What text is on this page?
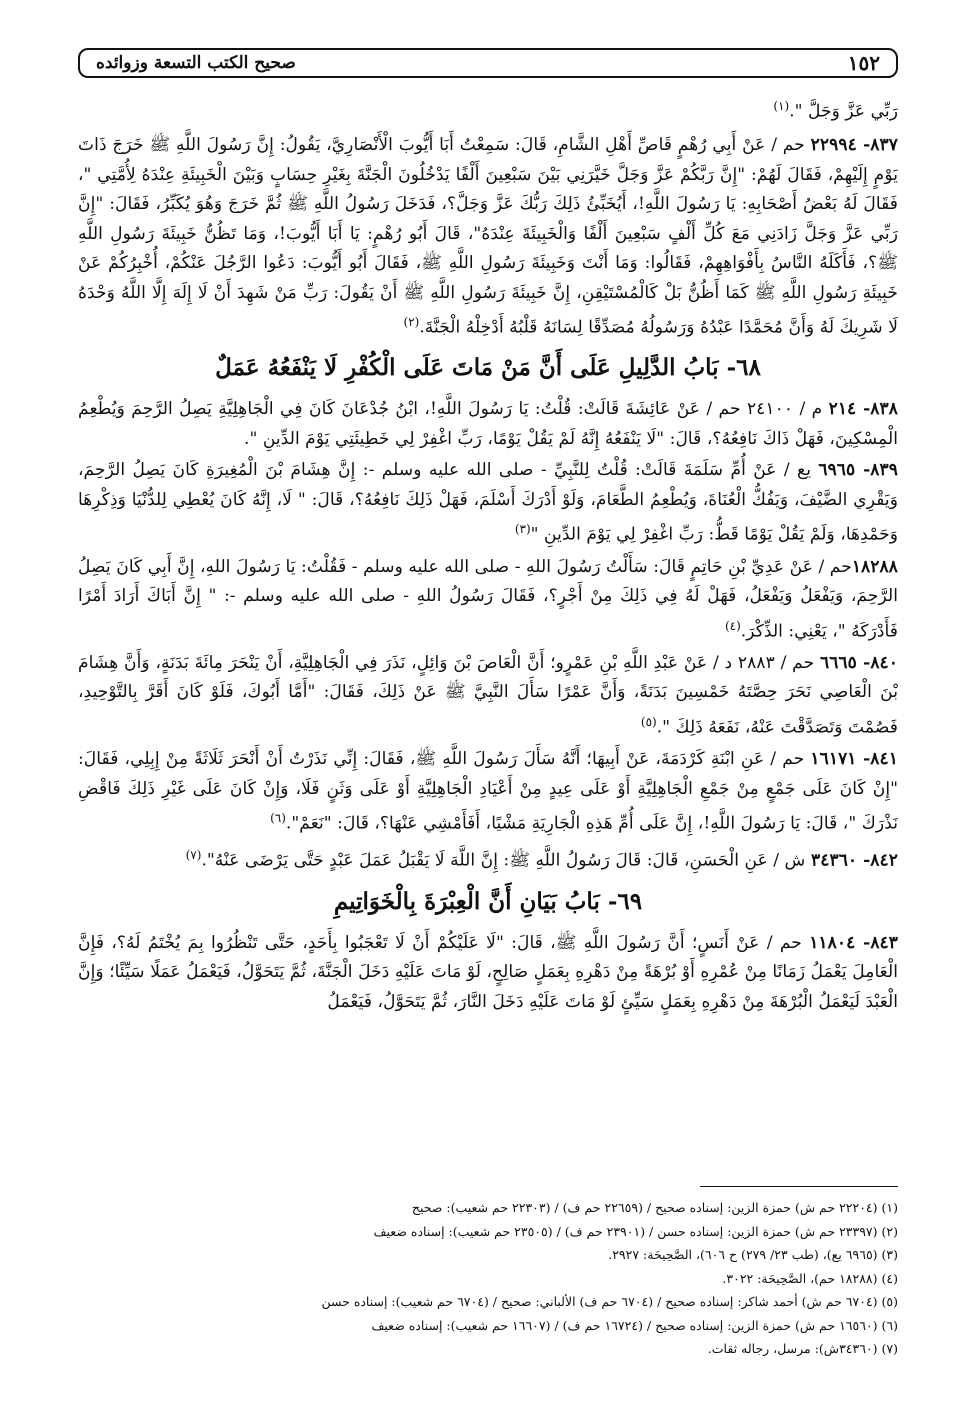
١٥٢
صحيح الكتب التسعة وزوائده

رَبِّي عَزَّ وَجَلَّ ".$^{(١)}$

٨٣٧- ٢٢٩٩٤ حم / عَنْ أَبِي رُهْمٍ قَاصِّ أَهْلِ الشَّامِ، قَالَ: سَمِعْتُ أَبَا أَيُّوبَ الْأَنْصَارِيَّ، يَقُولُ: إِنَّ رَسُولَ اللَّهِ ﷺ خَرَجَ ذَاتَ يَوْمٍ إِلَيْهِمْ، فَقَالَ لَهُمْ: "إِنَّ رَبَّكُمْ عَزَّ وَجَلَّ خَيَّرَنِي بَيْنَ سَبْعِينَ أَلْفًا يَدْخُلُونَ الْجَنَّةَ بِغَيْرِ حِسَابٍ وَبَيْنَ الْخَبِيئَةِ عِنْدَهُ لِأُمَّتِي "، فَقَالَ لَهُ بَعْضُ أَصْحَابِهِ: يَا رَسُولَ اللَّهِ!، أَيُخَبِّئُ ذَلِكَ رَبُّكَ عَزَّ وَجَلَّ؟، فَدَخَلَ رَسُولُ اللَّهِ ﷺ ثُمَّ خَرَجَ وَهُوَ يُكَبِّرُ، فَقَالَ: "إِنَّ رَبِّي عَزَّ وَجَلَّ زَادَنِي مَعَ كُلِّ أَلْفٍ سَبْعِينَ أَلْفًا وَالْخَبِيئَةَ عِنْدَهُ"، قَالَ أَبُو رُهْمٍ: يَا أَبَا أَيُّوبَ!، وَمَا تَظُنُّ خَبِيئَةَ رَسُولِ اللَّهِ ﷺ؟، فَأَكَلَهُ النَّاسُ بِأَفْوَاهِهِمْ، فَقَالُوا: وَمَا أَنْتَ وَخَبِيئَةَ رَسُولِ اللَّهِ ﷺ، فَقَالَ أَبُو أَيُّوبَ: دَعُوا الرَّجُلَ عَنْكُمْ، أُخْبِرُكُمْ عَنْ خَبِيئَةِ رَسُولِ اللَّهِ ﷺ كَمَا أَظُنُّ بَلْ كَالْمُسْتَيْقِنِ، إِنَّ خَبِيئَةَ رَسُولِ اللَّهِ ﷺ أَنْ يَقُولَ: رَبِّ مَنْ شَهِدَ أَنْ لَا إِلَهَ إِلَّا اللَّهُ وَحْدَهُ لَا شَرِيكَ لَهُ وَأَنَّ مُحَمَّدًا عَبْدُهُ وَرَسُولُهُ مُصَدِّقًا لِسَانَهُ قَلْبُهُ أَدْخِلْهُ الْجَنَّةَ.$^{(٢)}$

٦٨- بَابُ الدَّلِيلِ عَلَى أَنَّ مَنْ مَاتَ عَلَى الْكُفْرِ لَا يَنْفَعُهُ عَمَلٌ

٨٣٨- ٢١٤ م / ٢٤١٠٠ حم / عَنْ عَائِشَةَ قَالَتْ: قُلْتُ: يَا رَسُولَ اللَّهِ!، ابْنُ جُدْعَانَ كَانَ فِي الْجَاهِلِيَّةِ يَصِلُ الرَّحِمَ وَيُطْعِمُ الْمِسْكِينَ، فَهَلْ ذَاكَ نَافِعُهُ؟، قَالَ: "لَا يَنْفَعُهُ إِنَّهُ لَمْ يَقُلْ يَوْمًا، رَبِّ اغْفِرْ لِي خَطِيئَتِي يَوْمَ الدِّينِ ".

٨٣٩- ٦٩٦٥ يع / عَنْ أُمِّ سَلَمَةَ قَالَتْ: قُلْتُ لِلنَّبِيِّ - صلى الله عليه وسلم -: إِنَّ هِشَامَ بْنَ الْمُغِيرَةِ كَانَ يَصِلُ الرَّحِمَ، وَيَقْرِي الضَّيْفَ، وَيَفُكُّ الْعُنَاةَ، وَيُطْعِمُ الطَّعَامَ، وَلَوْ أَدْرَكَ أَسْلَمَ، فَهَلْ ذَلِكَ نَافِعُهُ؟، قَالَ: " لَا، إِنَّهُ كَانَ يُعْطِي لِلدُّنْيَا وَذِكْرِهَا وَحَمْدِهَا، وَلَمْ يَقُلْ يَوْمًا قَطُّ: رَبِّ اغْفِرْ لِي يَوْمَ الدِّينِ "$^{(٣)}$

١٨٢٨٨حم / عَنْ عَدِيِّ بْنِ حَاتِمٍ قَالَ: سَأَلْتُ رَسُولَ اللهِ - صلى الله عليه وسلم - فَقُلْتُ: يَا رَسُولَ اللهِ، إِنَّ أَبِي كَانَ يَصِلُ الرَّحِمَ، وَيَفْعَلُ وَيَفْعَلُ، فَهَلْ لَهُ فِي ذَلِكَ مِنْ أَجْرٍ؟، فَقَالَ رَسُولُ اللهِ - صلى الله عليه وسلم -: " إِنَّ أَبَاكَ أَرَادَ أَمْرًا فَأَدْرَكَهُ "، يَعْنِي: الذِّكْرَ.$^{(٤)}$

٨٤٠- ٦٦٦٥ حم / ٢٨٨٣ د / عَنْ عَبْدِ اللَّهِ بْنِ عَمْرٍو؛ أَنَّ الْعَاصَ بْنَ وَائِلٍ، نَذَرَ فِي الْجَاهِلِيَّةِ، أَنْ يَنْحَرَ مِائَةَ بَدَنَةٍ، وَأَنَّ هِشَامَ بْنَ الْعَاصِي نَحَرَ حِصَّتَهُ خَمْسِينَ بَدَنَةً، وَأَنَّ عَمْرًا سَأَلَ النَّبِيَّ ﷺ عَنْ ذَلِكَ، فَقَالَ: "أَمَّا أَبُوكَ، فَلَوْ كَانَ أَقَرَّ بِالتَّوْحِيدِ، فَصُمْتَ وَتَصَدَّقْتَ عَنْهُ، نَفَعَهُ ذَلِكَ ".$^{(٥)}$

٨٤١- ١٦١٧١ حم / عَنِ ابْنَةِ كَرْدَمَةَ، عَنْ أَبِيهَا؛ أَنَّهُ سَأَلَ رَسُولَ اللَّهِ ﷺ، فَقَالَ: إِنِّي نَذَرْتُ أَنْ أَنْحَرَ ثَلَاثَةً مِنْ إِبِلِي، فَقَالَ: "إِنْ كَانَ عَلَى جَمْعٍ مِنْ جَمْعِ الْجَاهِلِيَّةِ أَوْ عَلَى عِيدٍ مِنْ أَعْيَادِ الْجَاهِلِيَّةِ أَوْ عَلَى وَثَنٍ فَلَا، وَإِنْ كَانَ عَلَى غَيْرِ ذَلِكَ فَاقْضِ نَذْرَكَ "، قَالَ: يَا رَسُولَ اللَّهِ!، إِنَّ عَلَى أُمِّ هَذِهِ الْجَارِيَةِ مَشْيًا، أَفَأَمْشِي عَنْهَا؟، قَالَ: "نَعَمْ".$^{(٦)}$

٨٤٢- ٣٤٣٦٠ ش / عَنِ الْحَسَنِ، قَالَ: قَالَ رَسُولُ اللَّهِ ﷺ: إِنَّ اللَّهَ لَا يَقْبَلُ عَمَلَ عَبْدٍ حَتَّى يَرْضَى عَنْهُ".$^{(٧)}$

٦٩- بَابُ بَيَانِ أَنَّ الْعِبْرَةَ بِالْخَوَاتِيمِ

٨٤٣- ١١٨٠٤ حم / عَنْ أَنَسٍ؛ أَنَّ رَسُولَ اللَّهِ ﷺ، قَالَ: "لَا عَلَيْكُمْ أَنْ لَا تَعْجَبُوا بِأَحَدٍ، حَتَّى تَنْظُرُوا بِمَ يُخْتَمُ لَهُ؟، فَإِنَّ الْعَامِلَ يَعْمَلُ زَمَانًا مِنْ عُمْرِهِ أَوْ بُرْهَةً مِنْ دَهْرِهِ بِعَمَلٍ صَالِحٍ، لَوْ مَاتَ عَلَيْهِ دَخَلَ الْجَنَّةَ، ثُمَّ يَتَحَوَّلُ، فَيَعْمَلُ عَمَلًا سَيِّئًا؛ وَإِنَّ الْعَبْدَ لَيَعْمَلُ الْبُرْهَةَ مِنْ دَهْرِهِ بِعَمَلٍ سَيِّئٍ لَوْ مَاتَ عَلَيْهِ دَخَلَ النَّارَ، ثُمَّ يَتَحَوَّلُ، فَيَعْمَلُ

(١) (٢٢٢٠٤ حم ش) حمزة الزين: إسناده صحيح / (٢٢٦٥٩ حم ف) / (٢٢٣٠٣ حم شعيب): صحيح

(٢) (٢٣٣٩٧ حم ش) حمزة الزين: إسناده حسن / (٢٣٩٠١ حم ف) / (٢٣٥٠٥ حم شعيب): إسناده ضعيف

(٣) (٦٩٦٥ يع)، (طب ٢٣/ ٢٧٩) ح ٦٠٦)، الصَّحِيحَة: ٢٩٢٧.

(٤) (١٨٢٨٨ حم)، الصَّحِيحَة: ٣٠٢٢.

(٥) (٦٧٠٤ حم ش) أحمد شاكر: إسناده صحيح / (٦٧٠٤ حم ف) الألباني: صحيح / (٦٧٠٤ حم شعيب): إسناده حسن

(٦) (١٦٥٦٠ حم ش) حمزة الزين: إسناده صحيح / (١٦٧٢٤ حم ف) / (١٦٦٠٧ حم شعيب): إسناده ضعيف

(٧) (٣٤٣٦٠ش): مرسل، رجاله ثقات.
